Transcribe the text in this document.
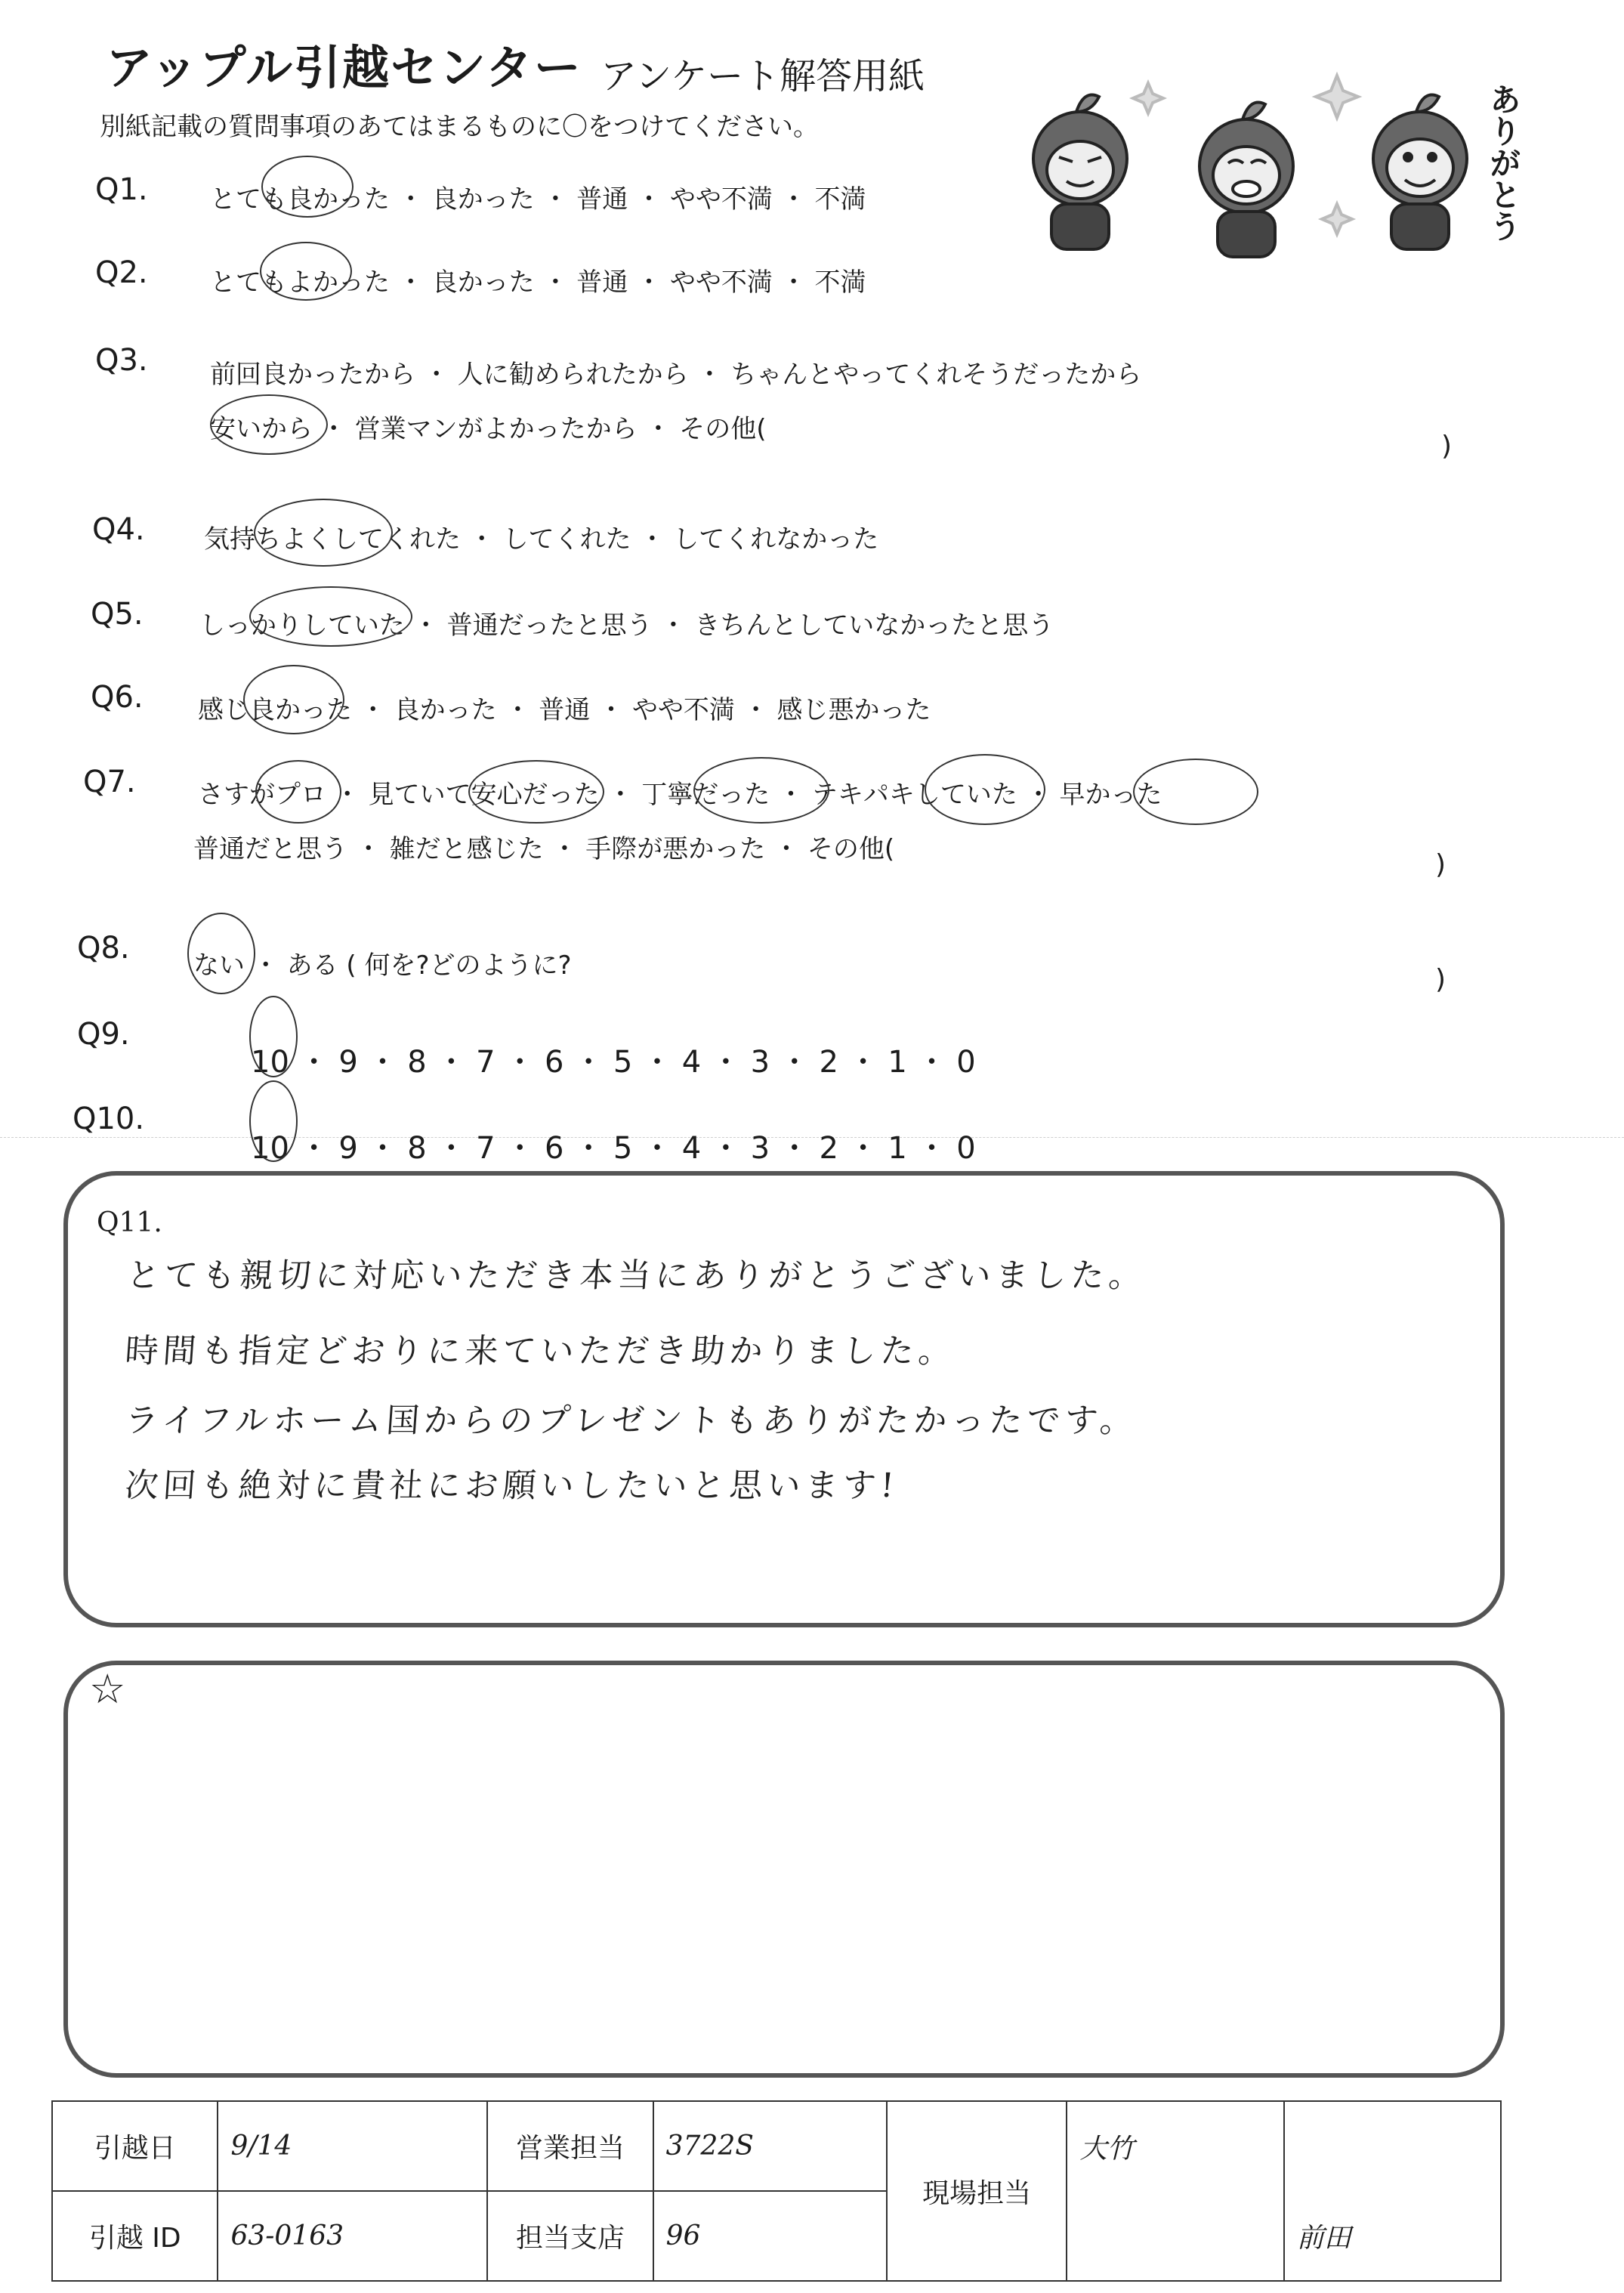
アップル引越センター アンケート解答用紙
別紙記載の質問事項のあてはまるものに〇をつけてください。	ありがとう
Q1. とても良かった ・ 良かった ・ 普通 ・ やや不満 ・ 不満
Q2. とてもよかった ・ 良かった ・ 普通 ・ やや不満 ・ 不満
Q3. 前回良かったから ・ 人に勧められたから ・ ちゃんとやってくれそうだったから
安いから ・ 営業マンがよかったから ・ その他(
)
Q4. 気持ちよくしてくれた ・ してくれた ・ してくれなかった
Q5. しっかりしていた ・ 普通だったと思う ・ きちんとしていなかったと思う
Q6. 感じ良かった ・ 良かった ・ 普通 ・ やや不満 ・ 感じ悪かった
Q7. さすがプロ ・ 見ていて安心だった ・ 丁寧だった ・ テキパキしていた ・ 早かった
普通だと思う ・ 雑だと感じた ・ 手際が悪かった ・ その他(	)
Q8. ない ・ ある ( 何を?どのように?	)
Q9.
10 ・ 9 ・ 8 ・ 7 ・ 6 ・ 5 ・ 4 ・ 3 ・ 2 ・ 1 ・ 0
Q10.
10 ・ 9 ・ 8 ・ 7 ・ 6 ・ 5 ・ 4 ・ 3 ・ 2 ・ 1 ・ 0
Q11.
とても親切に対応いただき本当にありがとうございました。
時間も指定どおりに来ていただき助かりました。
ライフルホーム国からのプレゼントもありがたかったです。
次回も絶対に貴社にお願いしたいと思います!
☆
引越日	9/14	営業担当	3722S	現場担当	大竹	
引越 ID	63-0163	担当支店	96			前田
